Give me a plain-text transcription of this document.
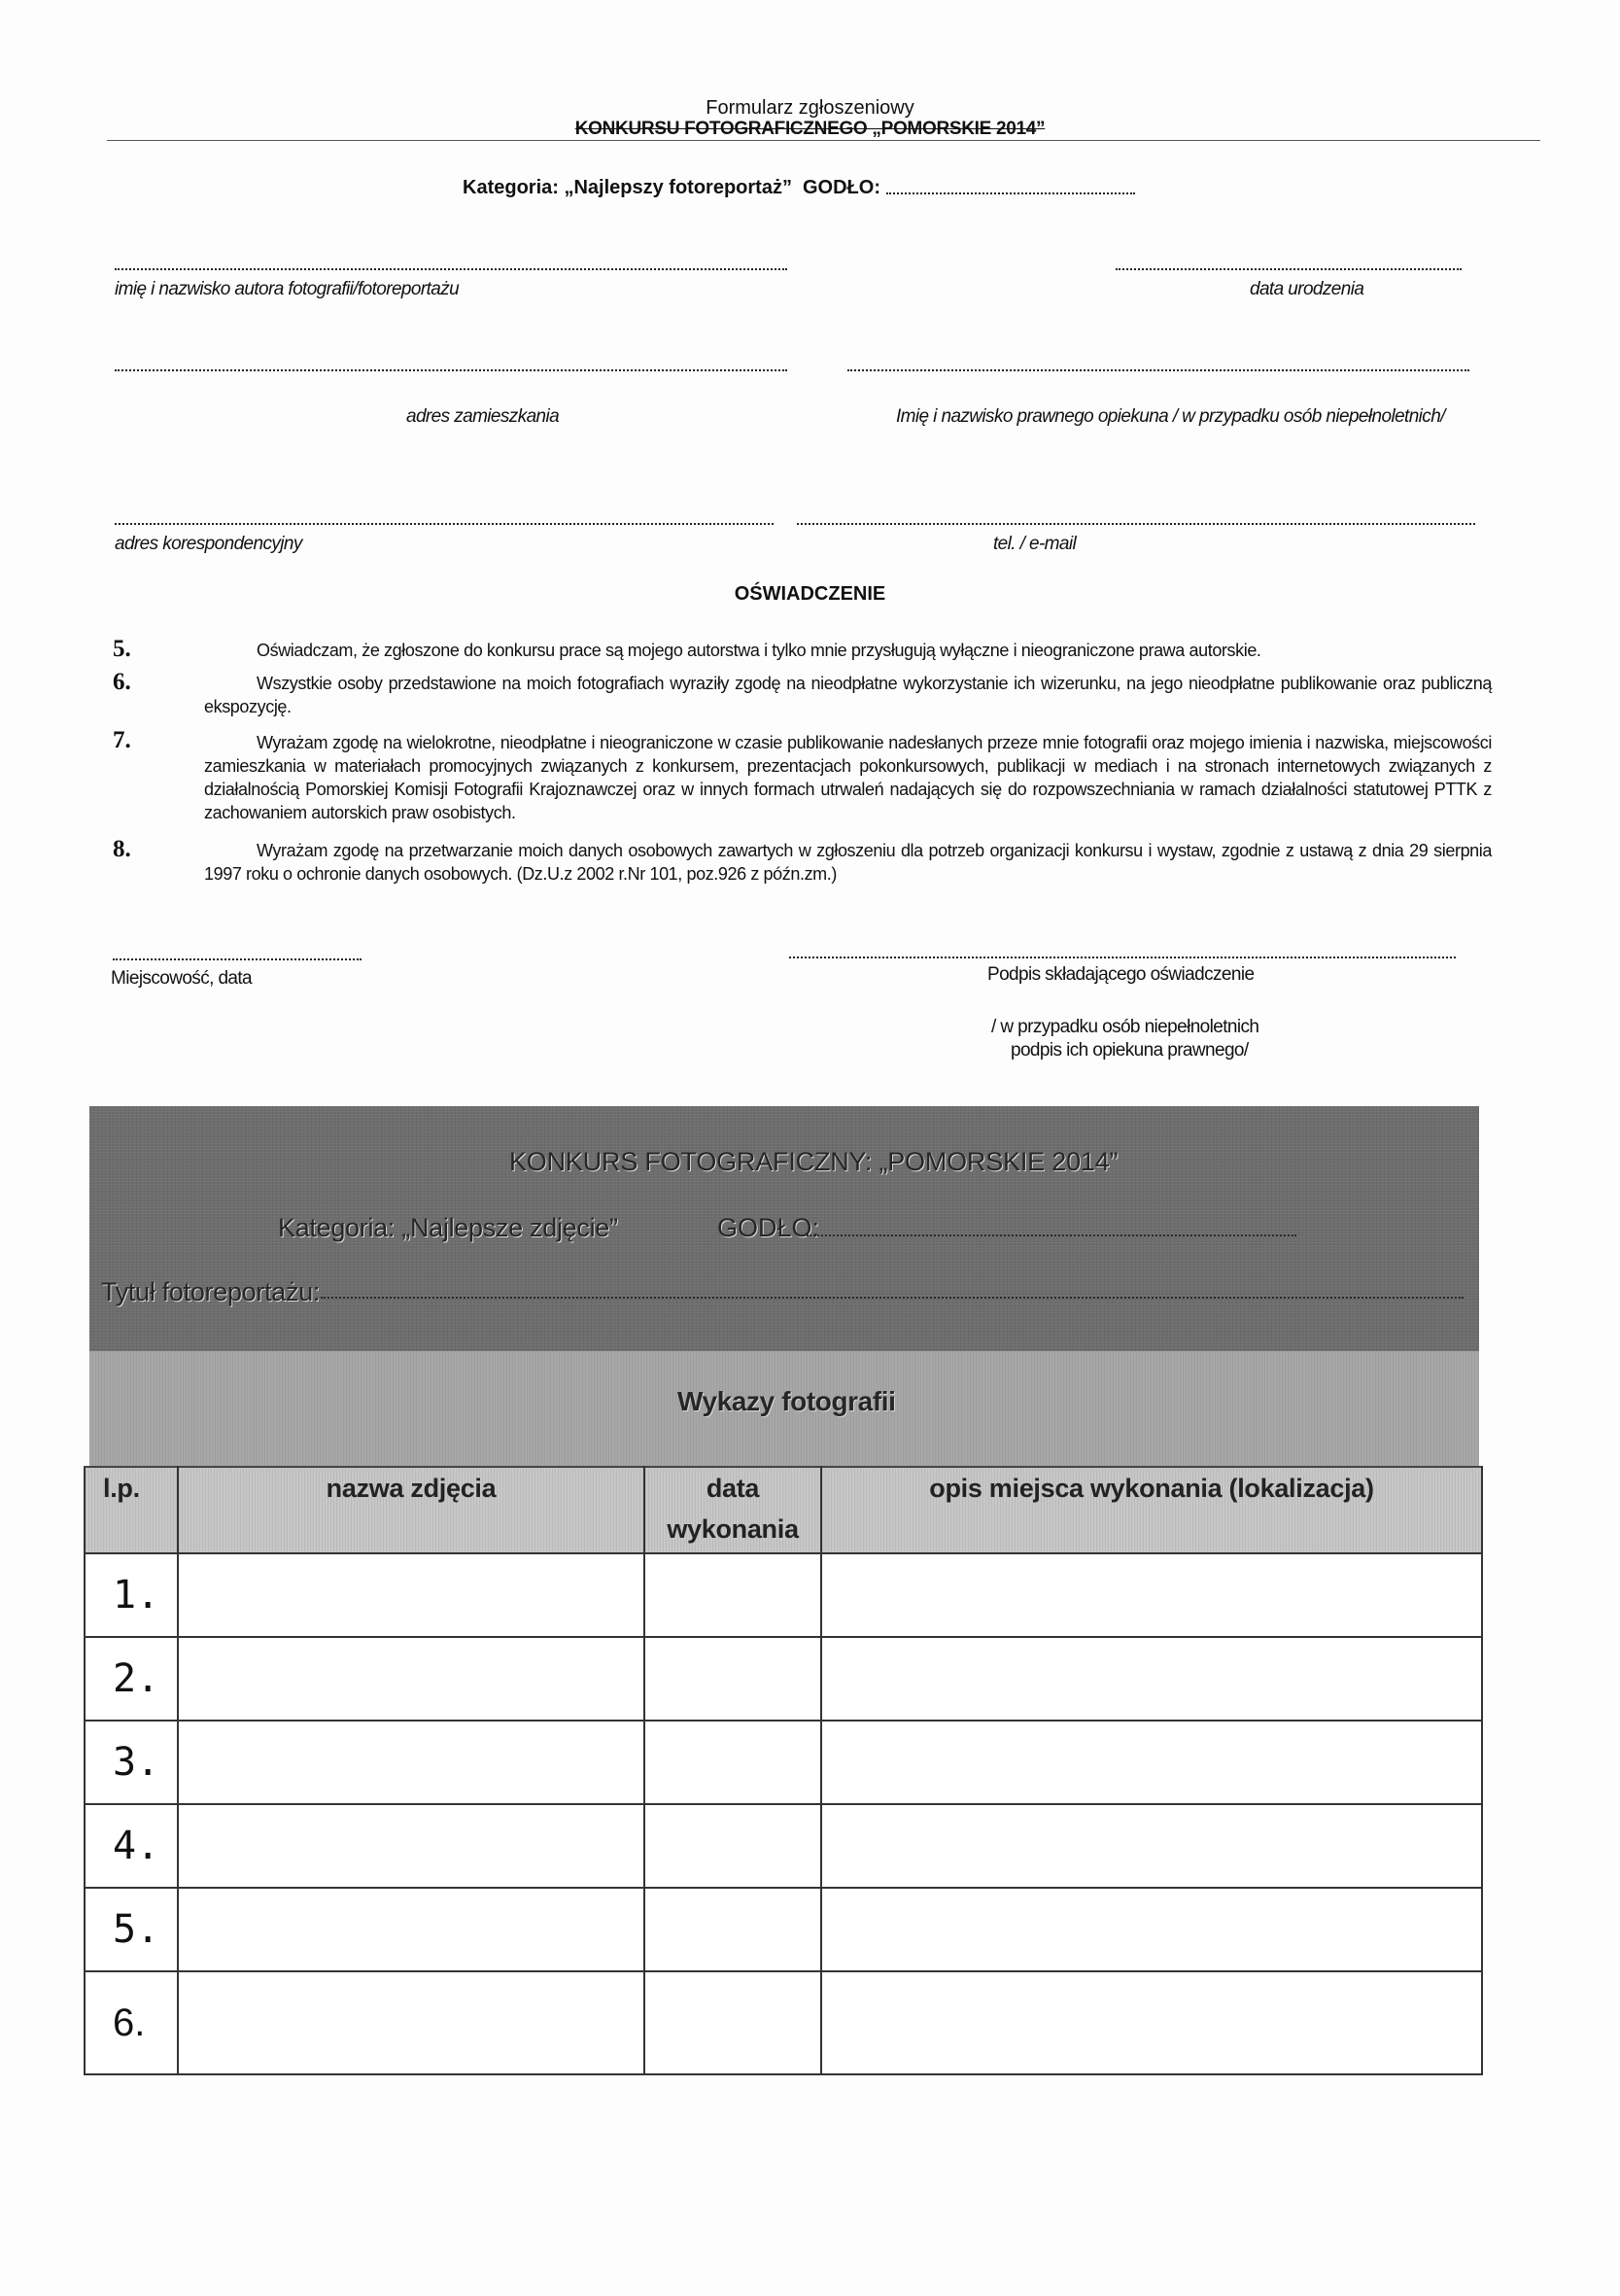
Formularz zgłoszeniowy
KONKURSU FOTOGRAFICZNEGO „POMORSKIE 2014”
Kategoria: „Najlepszy fotoreportaż” GODŁO:
imię i nazwisko autora fotografii/fotoreportażu	data urodzenia
adres zamieszkania	Imię i nazwisko prawnego opiekuna / w przypadku osób niepełnoletnich/
adres korespondencyjny	tel. / e-mail
OŚWIADCZENIE
5.	Oświadczam, że zgłoszone do konkursu prace są mojego autorstwa i tylko mnie przysługują wyłączne i nieograniczone prawa autorskie.
6.	Wszystkie osoby przedstawione na moich fotografiach wyraziły zgodę na nieodpłatne wykorzystanie ich wizerunku, na jego nieodpłatne publikowanie oraz publiczną ekspozycję.
7.	Wyrażam zgodę na wielokrotne, nieodpłatne i nieograniczone w czasie publikowanie nadesłanych przeze mnie fotografii oraz mojego imienia i nazwiska, miejscowości zamieszkania w materiałach promocyjnych związanych z konkursem, prezentacjach pokonkursowych, publikacji w mediach i na stronach internetowych związanych z działalnością Pomorskiej Komisji Fotografii Krajoznawczej oraz w innych formach utrwaleń nadających się do rozpowszechniania w ramach działalności statutowej PTTK z zachowaniem autorskich praw osobistych.
8.	Wyrażam zgodę na przetwarzanie moich danych osobowych zawartych w zgłoszeniu dla potrzeb organizacji konkursu i wystaw, zgodnie z ustawą z dnia 29 sierpnia 1997 roku o ochronie danych osobowych. (Dz.U.z 2002 r.Nr 101, poz.926 z późn.zm.)
Miejscowość, data	Podpis składającego oświadczenie
/ w przypadku osób niepełnoletnich
podpis ich opiekuna prawnego/
KONKURS FOTOGRAFICZNY: „POMORSKIE 2014”
Kategoria: „Najlepsze zdjęcie”	GODŁO:
Tytuł fotoreportażu:
Wykazy fotografii
l.p.	nazwa zdjęcia	data wykonania	opis miejsca wykonania (lokalizacja)
1.			
2.			
3.			
4.			
5.			
6.			
